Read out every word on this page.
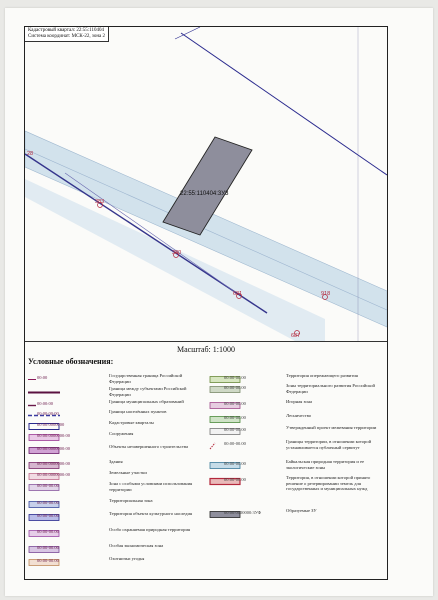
22:55:110404:3У3
28
383
380
681	918
687
Кадастровый квартал: 22:55:110404
Система координат: МСК-22, зона 2
Масштаб: 1:1000
Условные обозначения:
00:00	Государственная граница Российской Федерации
Граница между субъектами Российской Федерации
00:00:00	Граница муниципальных образований
00:00:00:00	Граница населённых пунктов
00:00:0000000	Кадастровые кварталы
00:00:0000000:00	Сооружения
00:00:0000000:00	Объекты незавершенного строительства
00:00:0000000:00	Здания
00:00:0000000:00	Земельные участки
00:00-00.00	Зона с особыми условиями использования территории
00:00-00.00	Территориальная зона
00:00-00.00	Территория объекта культурного наследия
00:00-00.00	Особо охраняемая природная территория
00:00-00.00	Особая экономическая зона
00:00-00.00	Охотничьи угодья
00:00-00.00	Территория опережающего развития
00:00-00.00	Зоны территориального развития Российской Федерации
00:00-00.00	Игорная зона
00:00-00.00	Лесничество
00:00-00.00	Утвержденный проект межевания территории
00:00-00.00	Границы территории, в отношении которой устанавливается публичный сервитут
00:00-00.00	Байкальская природная территория и ее экологические зоны
00:00-00.00	Территория, в отношении которой принято решение о резервировании земель для государственных и муниципальных нужд
00:00:0000000:3УФ	Образуемые ЗУ
